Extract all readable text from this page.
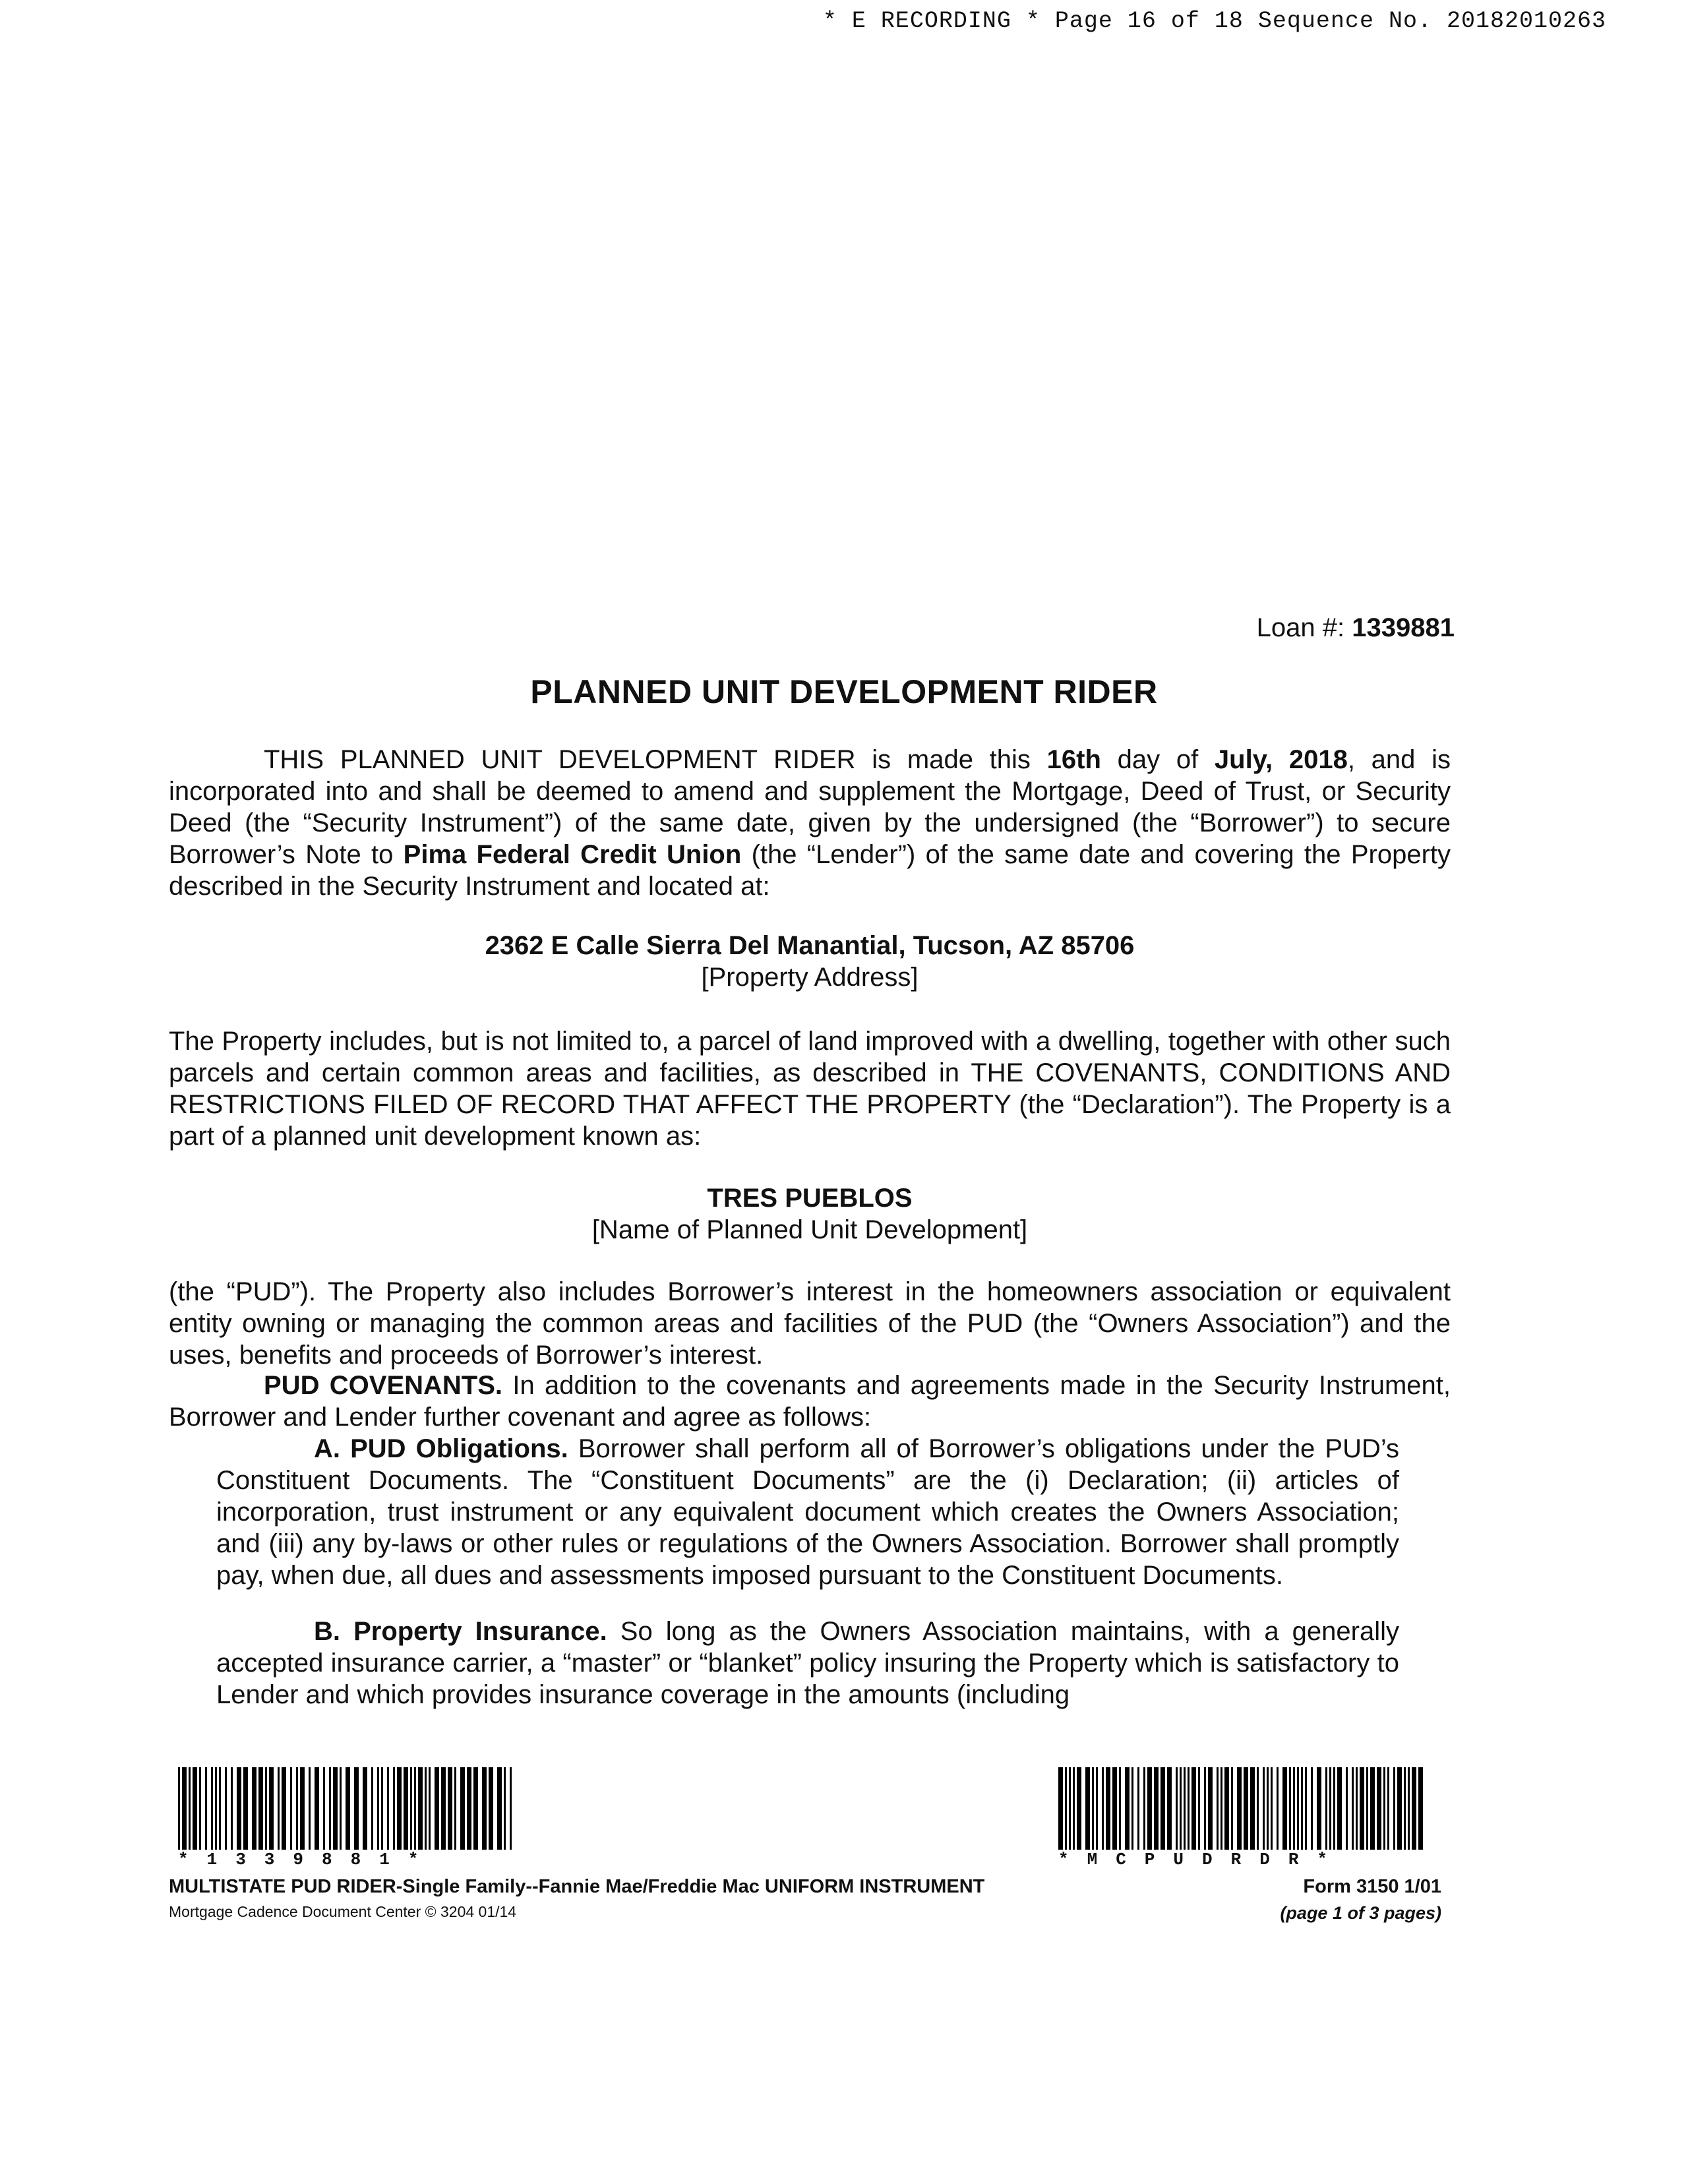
* E RECORDING * Page 16 of 18 Sequence No. 20182010263
Loan #: 1339881
PLANNED UNIT DEVELOPMENT RIDER
THIS PLANNED UNIT DEVELOPMENT RIDER is made this 16th day of July, 2018, and is incorporated into and shall be deemed to amend and supplement the Mortgage, Deed of Trust, or Security Deed (the “Security Instrument”) of the same date, given by the undersigned (the “Borrower”) to secure Borrower’s Note to Pima Federal Credit Union (the “Lender”) of the same date and covering the Property described in the Security Instrument and located at:
2362 E Calle Sierra Del Manantial, Tucson, AZ 85706
[Property Address]
The Property includes, but is not limited to, a parcel of land improved with a dwelling, together with other such parcels and certain common areas and facilities, as described in THE COVENANTS, CONDITIONS AND RESTRICTIONS FILED OF RECORD THAT AFFECT THE PROPERTY (the “Declaration”). The Property is a part of a planned unit development known as:
TRES PUEBLOS
[Name of Planned Unit Development]
(the “PUD”). The Property also includes Borrower’s interest in the homeowners association or equivalent entity owning or managing the common areas and facilities of the PUD (the “Owners Association”) and the uses, benefits and proceeds of Borrower’s interest.
PUD COVENANTS. In addition to the covenants and agreements made in the Security Instrument, Borrower and Lender further covenant and agree as follows:
A. PUD Obligations. Borrower shall perform all of Borrower’s obligations under the PUD’s Constituent Documents. The “Constituent Documents” are the (i) Declaration; (ii) articles of incorporation, trust instrument or any equivalent document which creates the Owners Association; and (iii) any by-laws or other rules or regulations of the Owners Association. Borrower shall promptly pay, when due, all dues and assessments imposed pursuant to the Constituent Documents.
B. Property Insurance. So long as the Owners Association maintains, with a generally accepted insurance carrier, a “master” or “blanket” policy insuring the Property which is satisfactory to Lender and which provides insurance coverage in the amounts (including
*1339881*	*MCPUDRDR*
MULTISTATE PUD RIDER-Single Family--Fannie Mae/Freddie Mac UNIFORM INSTRUMENT
Mortgage Cadence Document Center © 3204 01/14
Form 3150 1/01
(page 1 of 3 pages)
